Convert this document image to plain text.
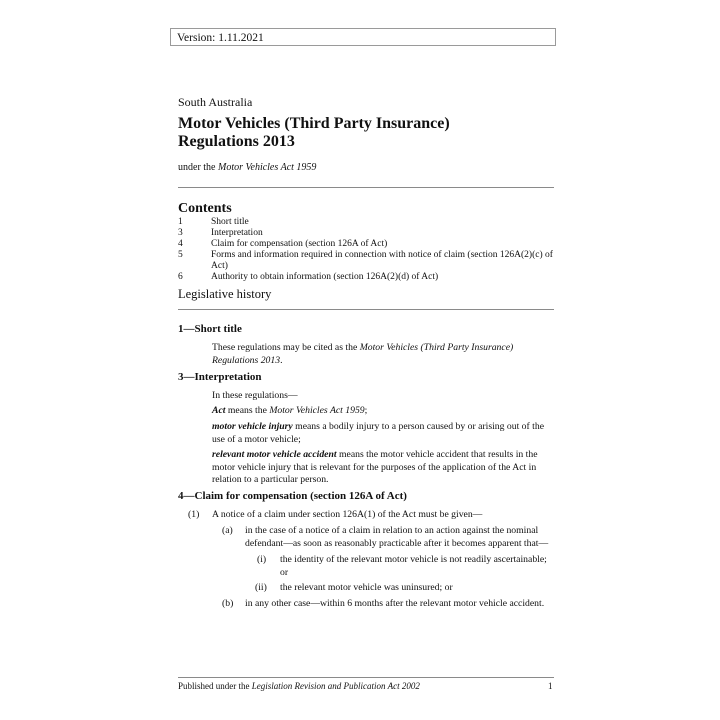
Version: 1.11.2021
South Australia
Motor Vehicles (Third Party Insurance)
Regulations 2013
under the Motor Vehicles Act 1959
Contents
1	Short title
3	Interpretation
4	Claim for compensation (section 126A of Act)
5	Forms and information required in connection with notice of claim (section 126A(2)(c) of Act)
6	Authority to obtain information (section 126A(2)(d) of Act)
Legislative history
1—Short title
These regulations may be cited as the Motor Vehicles (Third Party Insurance) Regulations 2013.
3—Interpretation
In these regulations—
Act means the Motor Vehicles Act 1959;
motor vehicle injury means a bodily injury to a person caused by or arising out of the use of a motor vehicle;
relevant motor vehicle accident means the motor vehicle accident that results in the motor vehicle injury that is relevant for the purposes of the application of the Act in relation to a particular person.
4—Claim for compensation (section 126A of Act)
(1) A notice of a claim under section 126A(1) of the Act must be given—
(a) in the case of a notice of a claim in relation to an action against the nominal defendant—as soon as reasonably practicable after it becomes apparent that—
(i) the identity of the relevant motor vehicle is not readily ascertainable; or
(ii) the relevant motor vehicle was uninsured; or
(b) in any other case—within 6 months after the relevant motor vehicle accident.
Published under the Legislation Revision and Publication Act 2002	1
